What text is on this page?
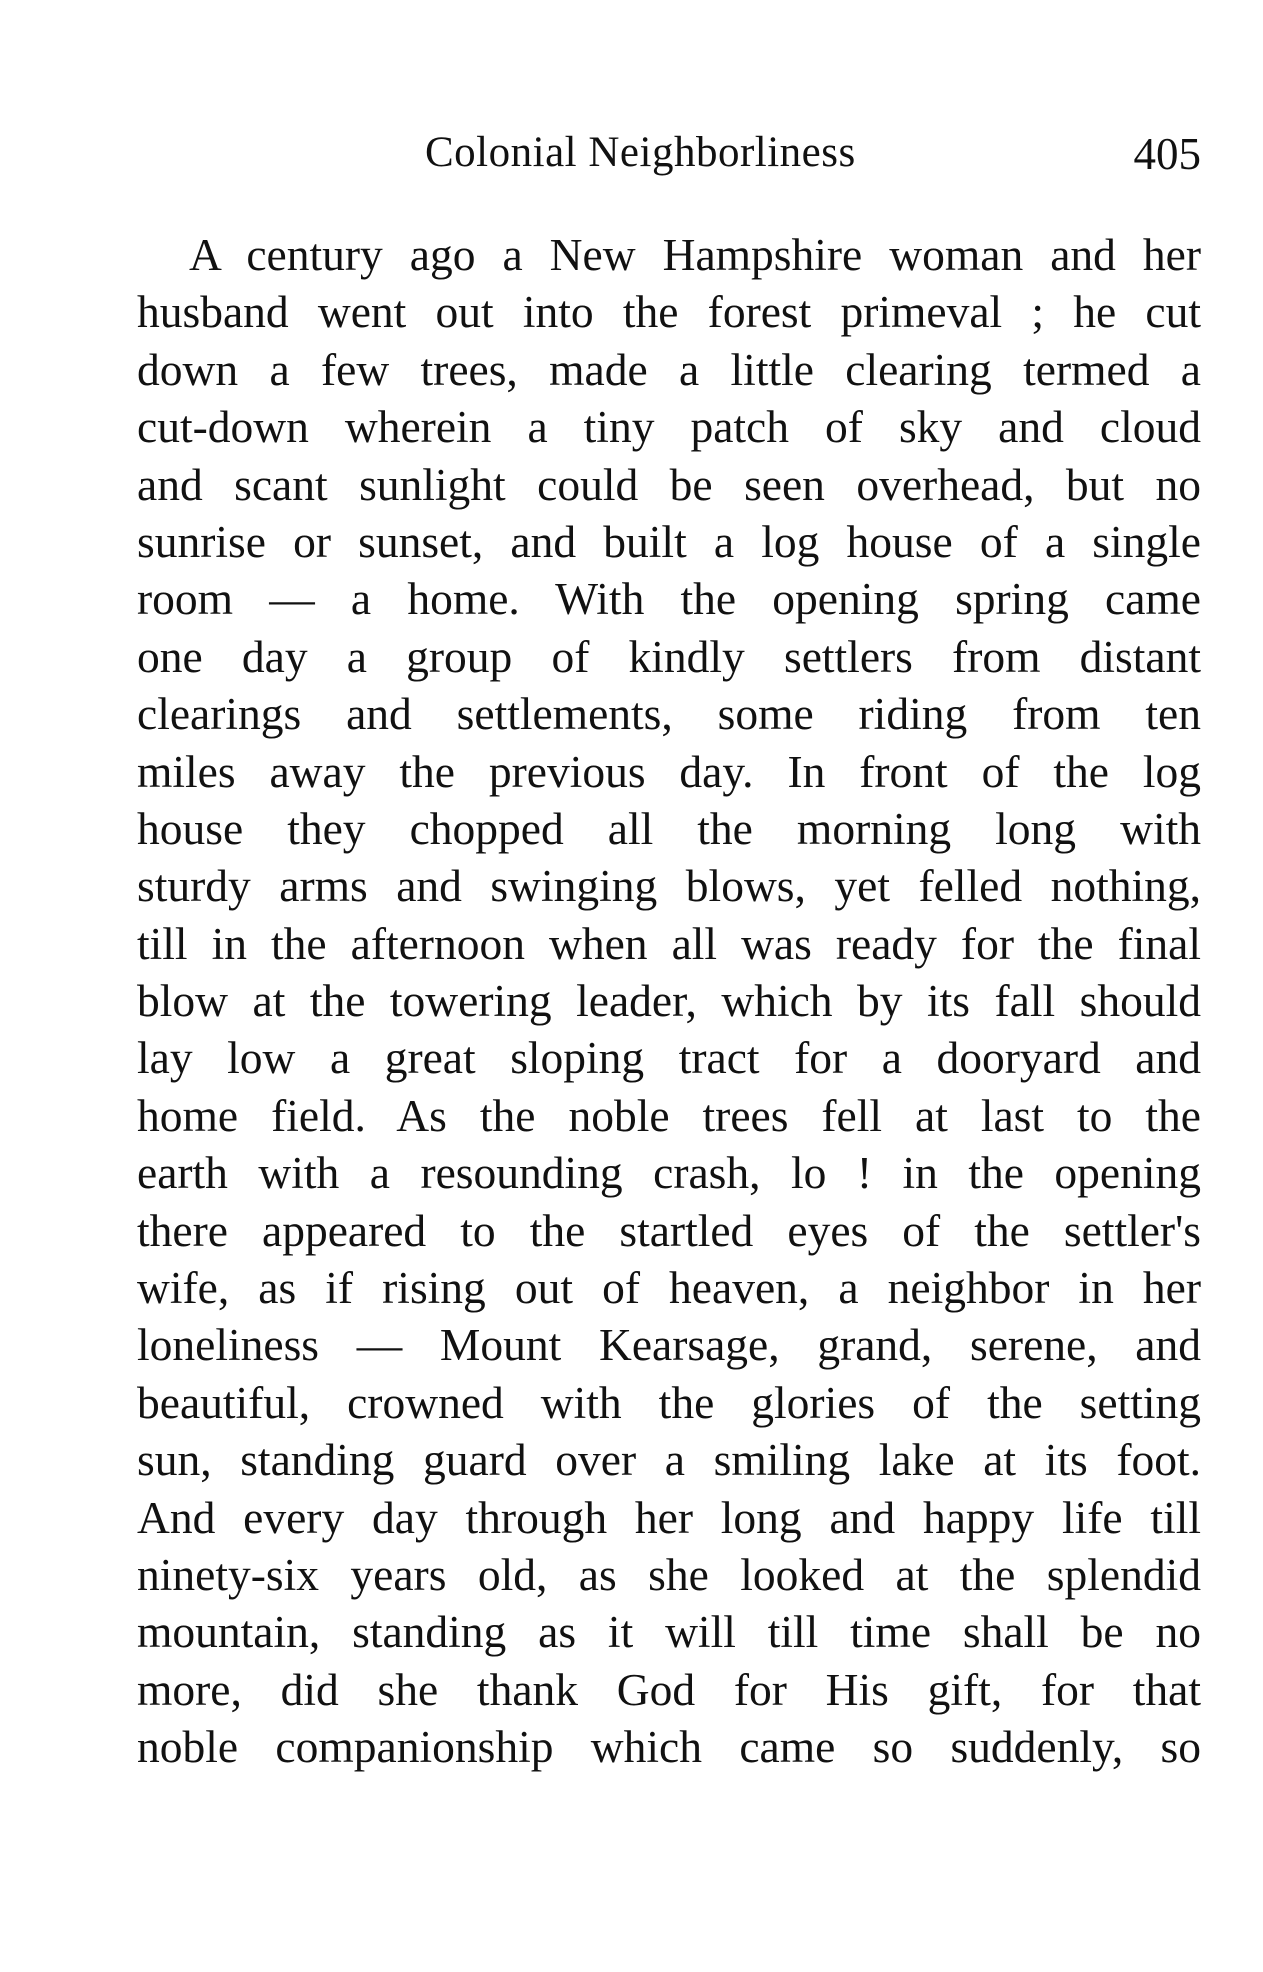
Colonial Neighborliness	405
A century ago a New Hampshire woman and her
husband went out into the forest primeval ; he cut
down a few trees, made a little clearing termed a
cut-down wherein a tiny patch of sky and cloud
and scant sunlight could be seen overhead, but no
sunrise or sunset, and built a log house of a single
room — a home. With the opening spring came
one day a group of kindly settlers from distant
clearings and settlements, some riding from ten
miles away the previous day. In front of the log
house they chopped all the morning long with
sturdy arms and swinging blows, yet felled nothing,
till in the afternoon when all was ready for the final
blow at the towering leader, which by its fall should
lay low a great sloping tract for a dooryard and
home field. As the noble trees fell at last to the
earth with a resounding crash, lo ! in the opening
there appeared to the startled eyes of the settler's
wife, as if rising out of heaven, a neighbor in her
loneliness — Mount Kearsage, grand, serene, and
beautiful, crowned with the glories of the setting
sun, standing guard over a smiling lake at its foot.
And every day through her long and happy life till
ninety-six years old, as she looked at the splendid
mountain, standing as it will till time shall be no
more, did she thank God for His gift, for that
noble companionship which came so suddenly, so
